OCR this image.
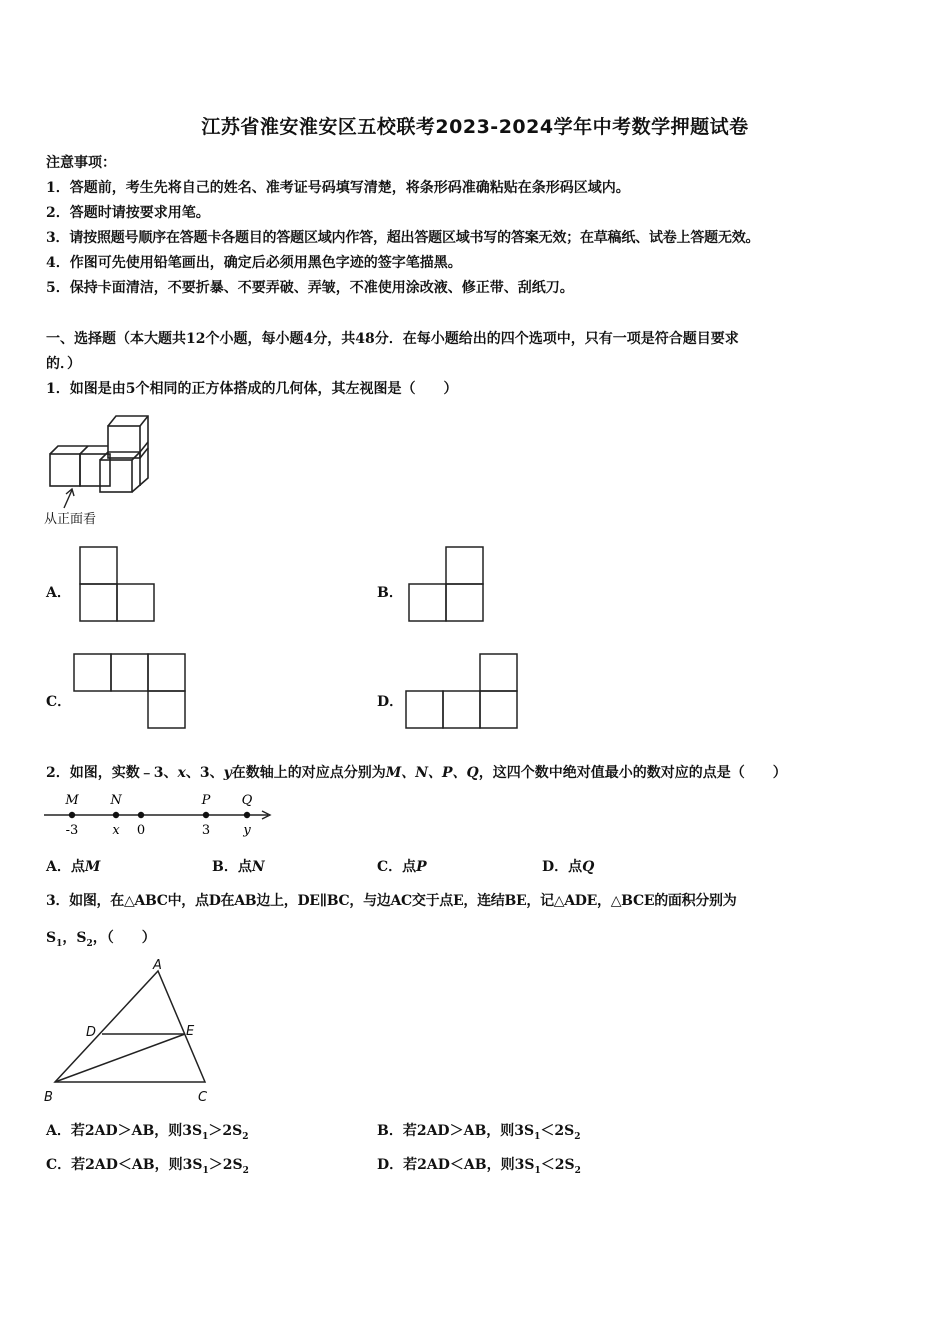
江苏省淮安淮安区五校联考2023-2024学年中考数学押题试卷
注意事项：
1．答题前，考生先将自己的姓名、准考证号码填写清楚，将条形码准确粘贴在条形码区域内。
2．答题时请按要求用笔。
3．请按照题号顺序在答题卡各题目的答题区域内作答，超出答题区域书写的答案无效；在草稿纸、试卷上答题无效。
4．作图可先使用铅笔画出，确定后必须用黑色字迹的签字笔描黑。
5．保持卡面清洁，不要折暴、不要弄破、弄皱，不准使用涂改液、修正带、刮纸刀。
一、选择题（本大题共12个小题，每小题4分，共48分．在每小题给出的四个选项中，只有一项是符合题目要求
的．）
1．如图是由5个相同的正方体搭成的几何体，其左视图是（　　）
从正面看
A．	B．
C．	D．
2．如图，实数﹣3、x、3、y在数轴上的对应点分别为M、N、P、Q，这四个数中绝对值最小的数对应的点是（　　）
M
-3
N
x 0
P
3
Q
y
A．点M	B．点N	C．点P	D．点Q
3．如图，在△ABC中，点D在AB边上，DE∥BC，与边AC交于点E，连结BE，记△ADE，△BCE的面积分别为
$S_1$，$S_2$，（　　）
A
D	E
B	C
A．若2AD＞AB，则$3S_1>2S_2$	B．若2AD＞AB，则$3S_1<2S_2$
C．若2AD＜AB，则$3S_1>2S_2$	D．若2AD＜AB，则$3S_1<2S_2$
